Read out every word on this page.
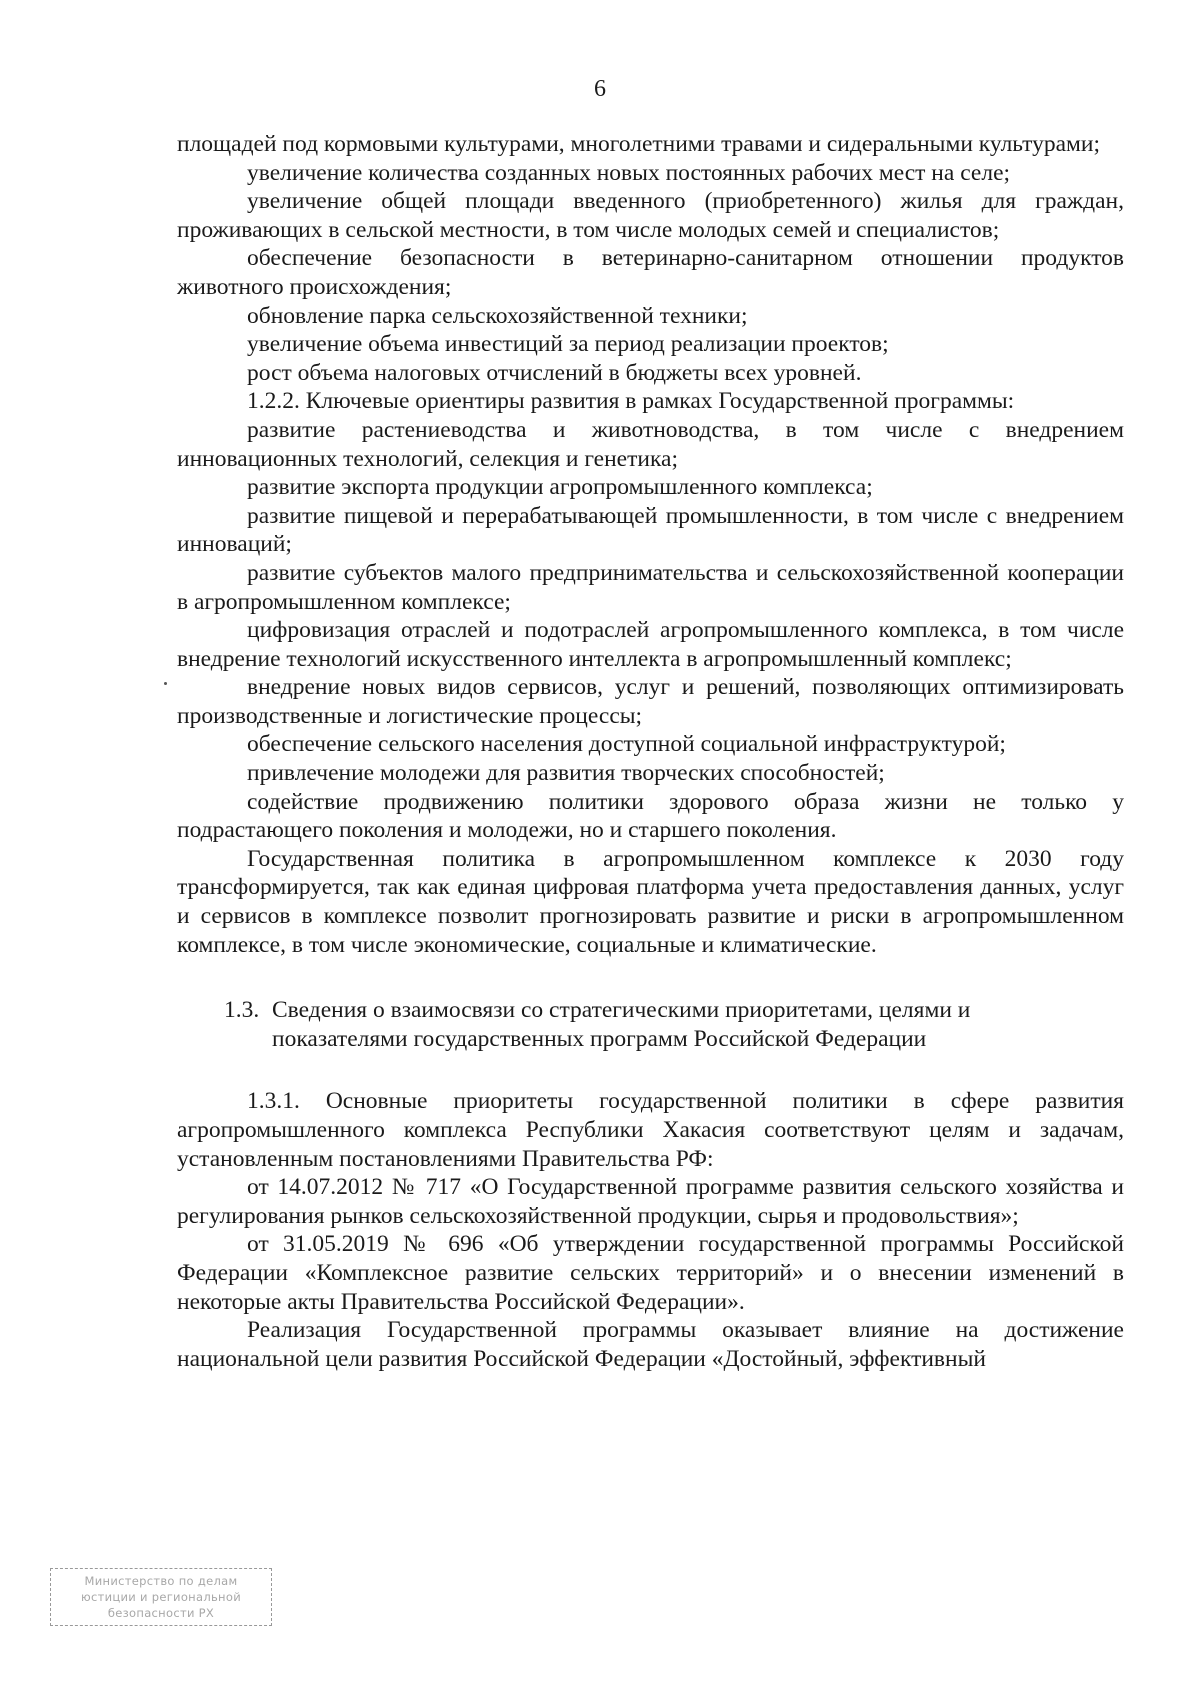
6

площадей под кормовыми культурами, многолетними травами и сидеральными культурами;

увеличение количества созданных новых постоянных рабочих мест на селе;

увеличение общей площади введенного (приобретенного) жилья для граждан, проживающих в сельской местности, в том числе молодых семей и специалистов;

обеспечение безопасности в ветеринарно-санитарном отношении продуктов животного происхождения;

обновление парка сельскохозяйственной техники;

увеличение объема инвестиций за период реализации проектов;

рост объема налоговых отчислений в бюджеты всех уровней.

1.2.2. Ключевые ориентиры развития в рамках Государственной программы:

развитие растениеводства и животноводства, в том числе с внедрением инновационных технологий, селекция и генетика;

развитие экспорта продукции агропромышленного комплекса;

развитие пищевой и перерабатывающей промышленности, в том числе с внедрением инноваций;

развитие субъектов малого предпринимательства и сельскохозяйственной кооперации в агропромышленном комплексе;

цифровизация отраслей и подотраслей агропромышленного комплекса, в том числе внедрение технологий искусственного интеллекта в агропромышленный комплекс;

внедрение новых видов сервисов, услуг и решений, позволяющих оптимизировать производственные и логистические процессы;

обеспечение сельского населения доступной социальной инфраструктурой;

привлечение молодежи для развития творческих способностей;

содействие продвижению политики здорового образа жизни не только у подрастающего поколения и молодежи, но и старшего поколения.

Государственная политика в агропромышленном комплексе к 2030 году трансформируется, так как единая цифровая платформа учета предоставления данных, услуг и сервисов в комплексе позволит прогнозировать развитие и риски в агропромышленном комплексе, в том числе экономические, социальные и климатические.

1.3. Сведения о взаимосвязи со стратегическими приоритетами, целями и показателями государственных программ Российской Федерации

1.3.1. Основные приоритеты государственной политики в сфере развития агропромышленного комплекса Республики Хакасия соответствуют целям и задачам, установленным постановлениями Правительства РФ:

от 14.07.2012 № 717 «О Государственной программе развития сельского хозяйства и регулирования рынков сельскохозяйственной продукции, сырья и продовольствия»;

от 31.05.2019 № 696 «Об утверждении государственной программы Российской Федерации «Комплексное развитие сельских территорий» и о внесении изменений в некоторые акты Правительства Российской Федерации».

Реализация Государственной программы оказывает влияние на достижение национальной цели развития Российской Федерации «Достойный, эффективный

Министерство по делам
юстиции и региональной
безопасности РХ
